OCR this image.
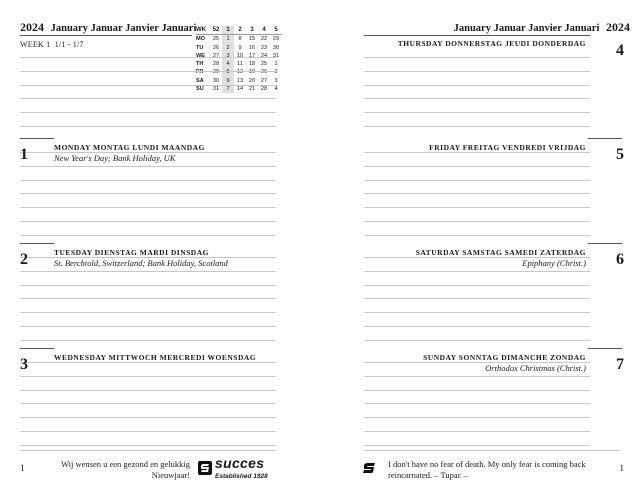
2024 January Januar Janvier Januari
WEEK 1 1/1 - 1/7
WK	52	1	2	3	4	5
MO	25	1	8	15	22	29
TU	26	2	9	16	23	30
WE	27	3	10	17	24	31
TH	28	4	11	18	25	1
FR	29	5	12	19	26	2
SA	30	6	13	20	27	3
SU	31	7	14	21	28	4
1	MONDAY MONTAG LUNDI MAANDAG
New Year's Day; Bank Holiday, UK
2	TUESDAY DIENSTAG MARDI DINSDAG
St. Berchtold, Switzerland; Bank Holiday, Scotland
3	WEDNESDAY MITTWOCH MERCREDI WOENSDAG
1	Wij wensen u een gezond en gelukkig Nieuwjaar!
succes
Established 1928
January Januar Janvier Januari 2024
4
THURSDAY DONNERSTAG JEUDI DONDERDAG
5
FRIDAY FREITAG VENDREDI VRIJDAG
6
SATURDAY SAMSTAG SAMEDI ZATERDAG
Epiphany (Christ.)
7
SUNDAY SONNTAG DIMANCHE ZONDAG
Orthodox Christmas (Christ.)
I don't have no fear of death. My only fear is coming back reincarnated. – Tupac –
1
